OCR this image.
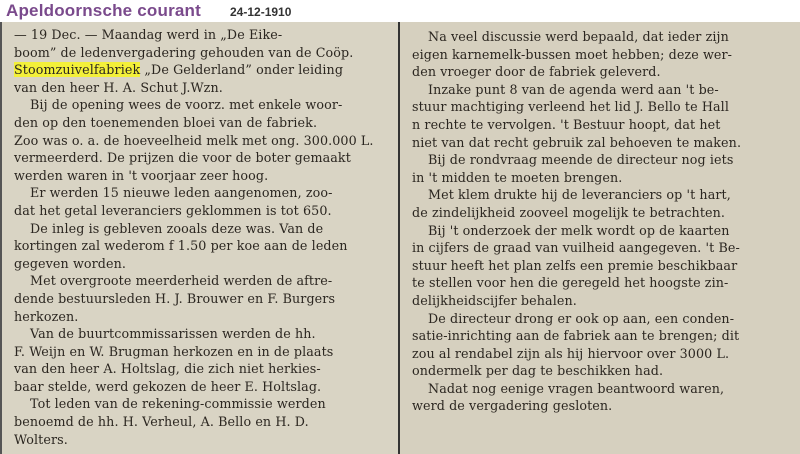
Apeldoornsche courant 24-12-1910
— 19 Dec. — Maandag werd in „De Eike-
boom” de ledenvergadering gehouden van de Coöp.
Stoomzuivelfabriek „De Gelderland” onder leiding
van den heer H. A. Schut J.Wzn.
Bij de opening wees de voorz. met enkele woor-
den op den toenemenden bloei van de fabriek.
Zoo was o. a. de hoeveelheid melk met ong. 300.000 L.
vermeerderd. De prijzen die voor de boter gemaakt
werden waren in 't voorjaar zeer hoog.
Er werden 15 nieuwe leden aangenomen, zoo-
dat het getal leveranciers geklommen is tot 650.
De inleg is gebleven zooals deze was. Van de
kortingen zal wederom f 1.50 per koe aan de leden
gegeven worden.
Met overgroote meerderheid werden de aftre-
dende bestuursleden H. J. Brouwer en F. Burgers
herkozen.
Van de buurtcommissarissen werden de hh.
F. Weijn en W. Brugman herkozen en in de plaats
van den heer A. Holtslag, die zich niet herkies-
baar stelde, werd gekozen de heer E. Holtslag.
Tot leden van de rekening-commissie werden
benoemd de hh. H. Verheul, A. Bello en H. D.
Wolters.
Na veel discussie werd bepaald, dat ieder zijn
eigen karnemelk-bussen moet hebben; deze wer-
den vroeger door de fabriek geleverd.
Inzake punt 8 van de agenda werd aan 't be-
stuur machtiging verleend het lid J. Bello te Hall
n rechte te vervolgen. 't Bestuur hoopt, dat het
niet van dat recht gebruik zal behoeven te maken.
Bij de rondvraag meende de directeur nog iets
in 't midden te moeten brengen.
Met klem drukte hij de leveranciers op 't hart,
de zindelijkheid zooveel mogelijk te betrachten.
Bij 't onderzoek der melk wordt op de kaarten
in cijfers de graad van vuilheid aangegeven. 't Be-
stuur heeft het plan zelfs een premie beschikbaar
te stellen voor hen die geregeld het hoogste zin-
delijkheidscijfer behalen.
De directeur drong er ook op aan, een conden-
satie-inrichting aan de fabriek aan te brengen; dit
zou al rendabel zijn als hij hiervoor over 3000 L.
ondermelk per dag te beschikken had.
Nadat nog eenige vragen beantwoord waren,
werd de vergadering gesloten.
